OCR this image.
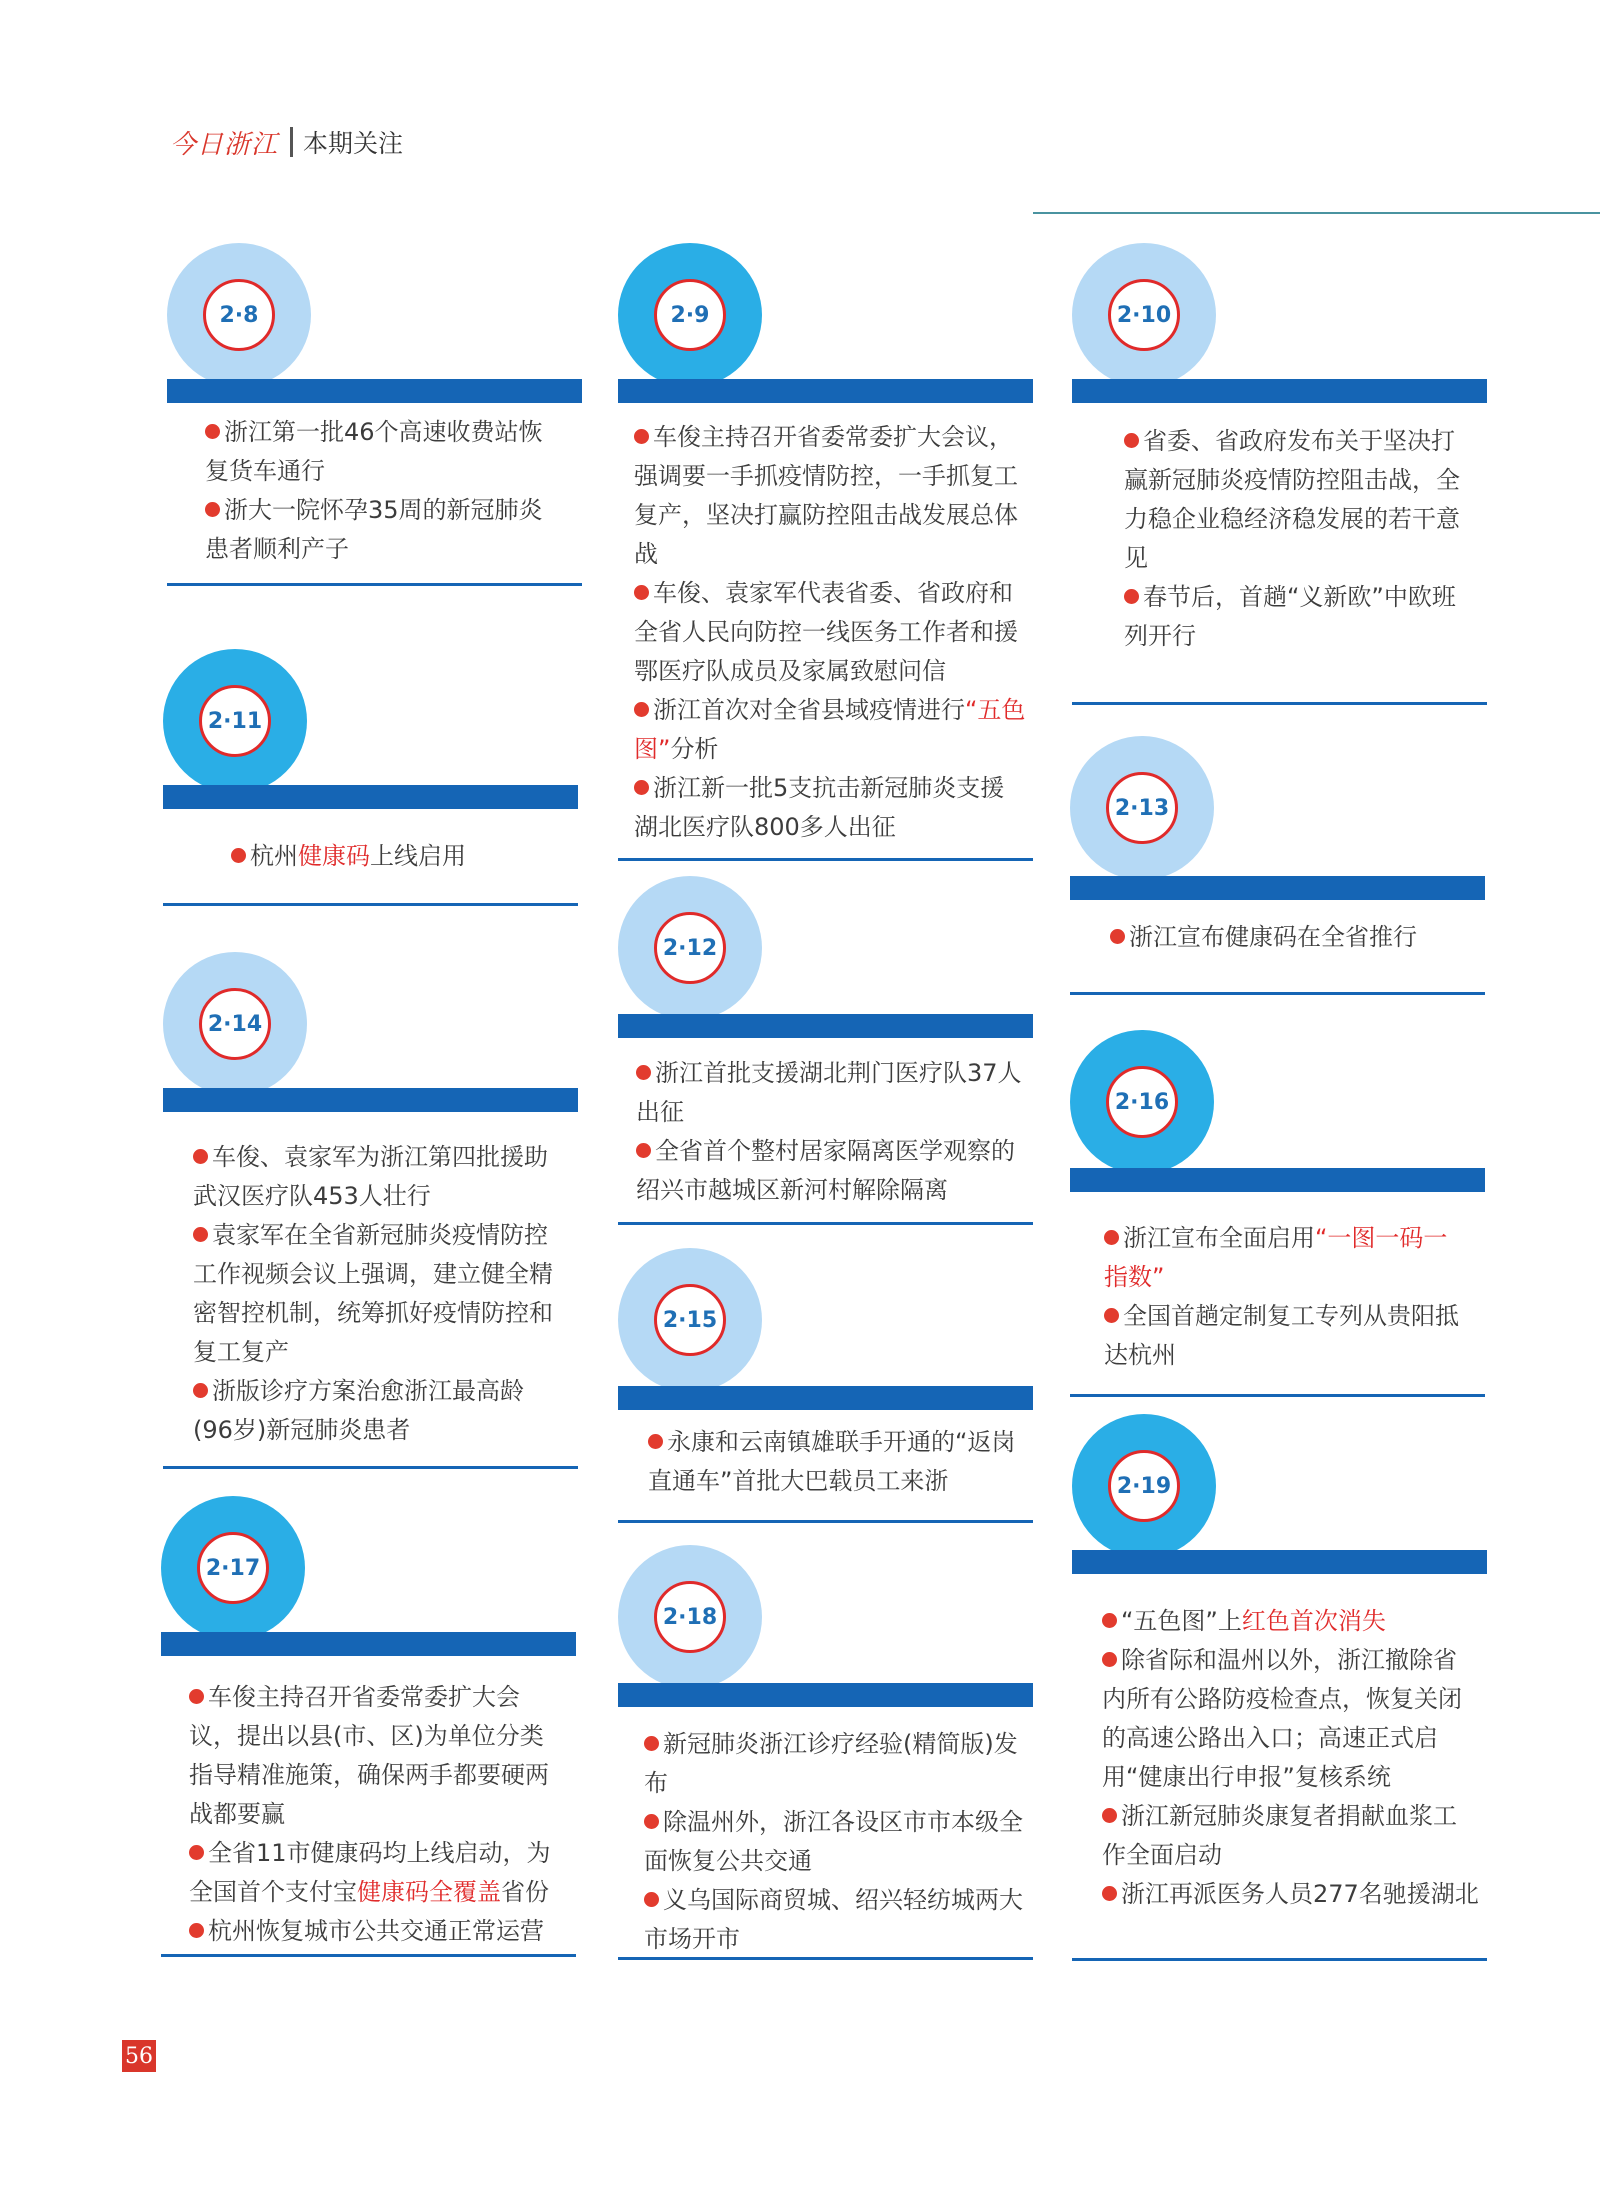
今日浙江 本期关注
2·8

浙江第一批46个高速收费站恢复货车通行

浙大一院怀孕35周的新冠肺炎患者顺利产子

2·11

杭州健康码上线启用

2·14

车俊、袁家军为浙江第四批援助武汉医疗队453人壮行

袁家军在全省新冠肺炎疫情防控工作视频会议上强调，建立健全精密智控机制，统筹抓好疫情防控和复工复产

浙版诊疗方案治愈浙江最高龄(96岁)新冠肺炎患者

2·17

车俊主持召开省委常委扩大会议，提出以县(市、区)为单位分类指导精准施策，确保两手都要硬两战都要赢

全省11市健康码均上线启动，为全国首个支付宝健康码全覆盖省份

杭州恢复城市公共交通正常运营

2·9

车俊主持召开省委常委扩大会议，强调要一手抓疫情防控，一手抓复工复产，坚决打赢防控阻击战发展总体战

车俊、袁家军代表省委、省政府和全省人民向防控一线医务工作者和援鄂医疗队成员及家属致慰问信

浙江首次对全省县域疫情进行“五色图”分析

浙江新一批5支抗击新冠肺炎支援湖北医疗队800多人出征

2·12

浙江首批支援湖北荆门医疗队37人出征

全省首个整村居家隔离医学观察的绍兴市越城区新河村解除隔离

2·15

永康和云南镇雄联手开通的“返岗直通车”首批大巴载员工来浙

2·18

新冠肺炎浙江诊疗经验(精简版)发布

除温州外，浙江各设区市市本级全面恢复公共交通

义乌国际商贸城、绍兴轻纺城两大市场开市

2·10

省委、省政府发布关于坚决打赢新冠肺炎疫情防控阻击战，全力稳企业稳经济稳发展的若干意见

春节后，首趟“义新欧”中欧班列开行

2·13

浙江宣布健康码在全省推行

2·16

浙江宣布全面启用“一图一码一指数”

全国首趟定制复工专列从贵阳抵达杭州

2·19

“五色图”上红色首次消失

除省际和温州以外，浙江撤除省内所有公路防疫检查点，恢复关闭的高速公路出入口；高速正式启用“健康出行申报”复核系统

浙江新冠肺炎康复者捐献血浆工作全面启动

浙江再派医务人员277名驰援湖北

56
